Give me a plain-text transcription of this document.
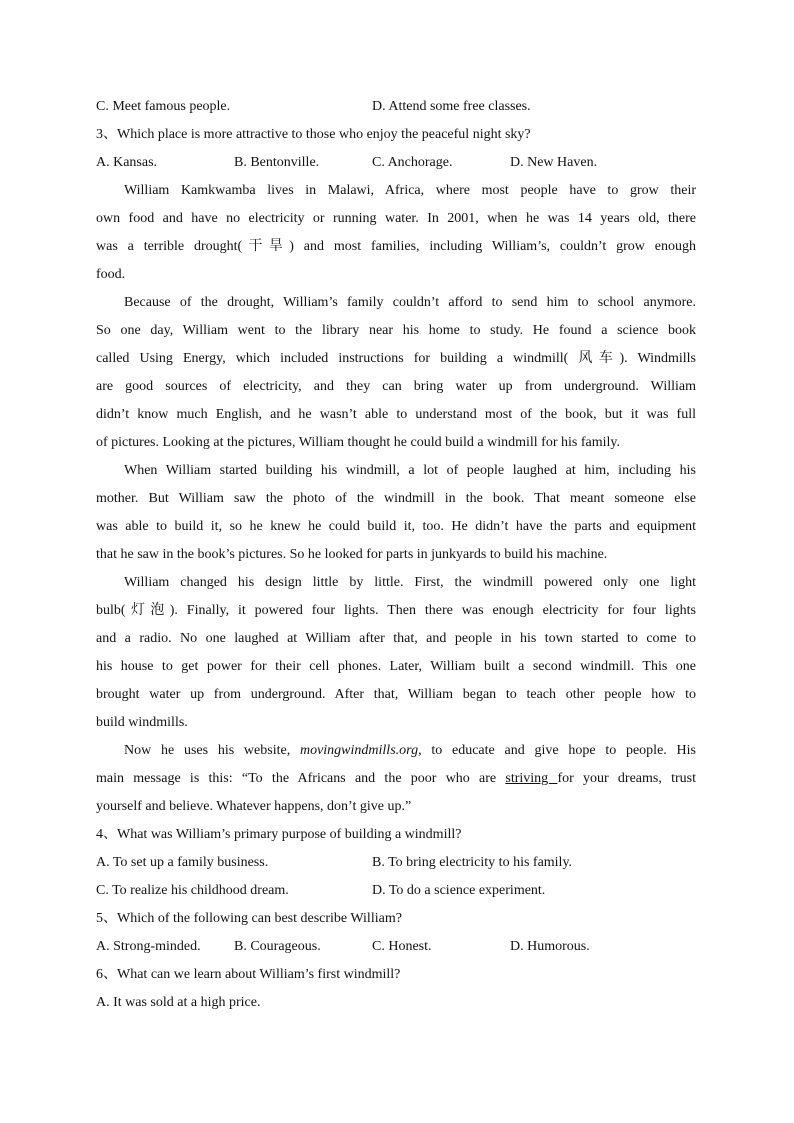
C. Meet famous people.	D. Attend some free classes.
3、Which place is more attractive to those who enjoy the peaceful night sky?
A. Kansas.	B. Bentonville.	C. Anchorage.	D. New Haven.
William Kamkwamba lives in Malawi, Africa, where most people have to grow their
own food and have no electricity or running water. In 2001, when he was 14 years old, there
was a terrible drought(干旱) and most families, including William’s, couldn’t grow enough
food.
Because of the drought, William’s family couldn’t afford to send him to school anymore.
So one day, William went to the library near his home to study. He found a science book
called Using Energy, which included instructions for building a windmill( 风车). Windmills
are good sources of electricity, and they can bring water up from underground. William
didn’t know much English, and he wasn’t able to understand most of the book, but it was full
of pictures. Looking at the pictures, William thought he could build a windmill for his family.
When William started building his windmill, a lot of people laughed at him, including his
mother. But William saw the photo of the windmill in the book. That meant someone else
was able to build it, so he knew he could build it, too. He didn’t have the parts and equipment
that he saw in the book’s pictures. So he looked for parts in junkyards to build his machine.
William changed his design little by little. First, the windmill powered only one light
bulb(灯泡). Finally, it powered four lights. Then there was enough electricity for four lights
and a radio. No one laughed at William after that, and people in his town started to come to
his house to get power for their cell phones. Later, William built a second windmill. This one
brought water up from underground. After that, William began to teach other people how to
build windmills.
Now he uses his website, movingwindmills.org, to educate and give hope to people. His
main message is this: “To the Africans and the poor who are striving for your dreams, trust
yourself and believe. Whatever happens, don’t give up.”
4、What was William’s primary purpose of building a windmill?
A. To set up a family business.	B. To bring electricity to his family.
C. To realize his childhood dream.	D. To do a science experiment.
5、Which of the following can best describe William?
A. Strong-minded.	B. Courageous.	C. Honest.	D. Humorous.
6、What can we learn about William’s first windmill?
A. It was sold at a high price.
